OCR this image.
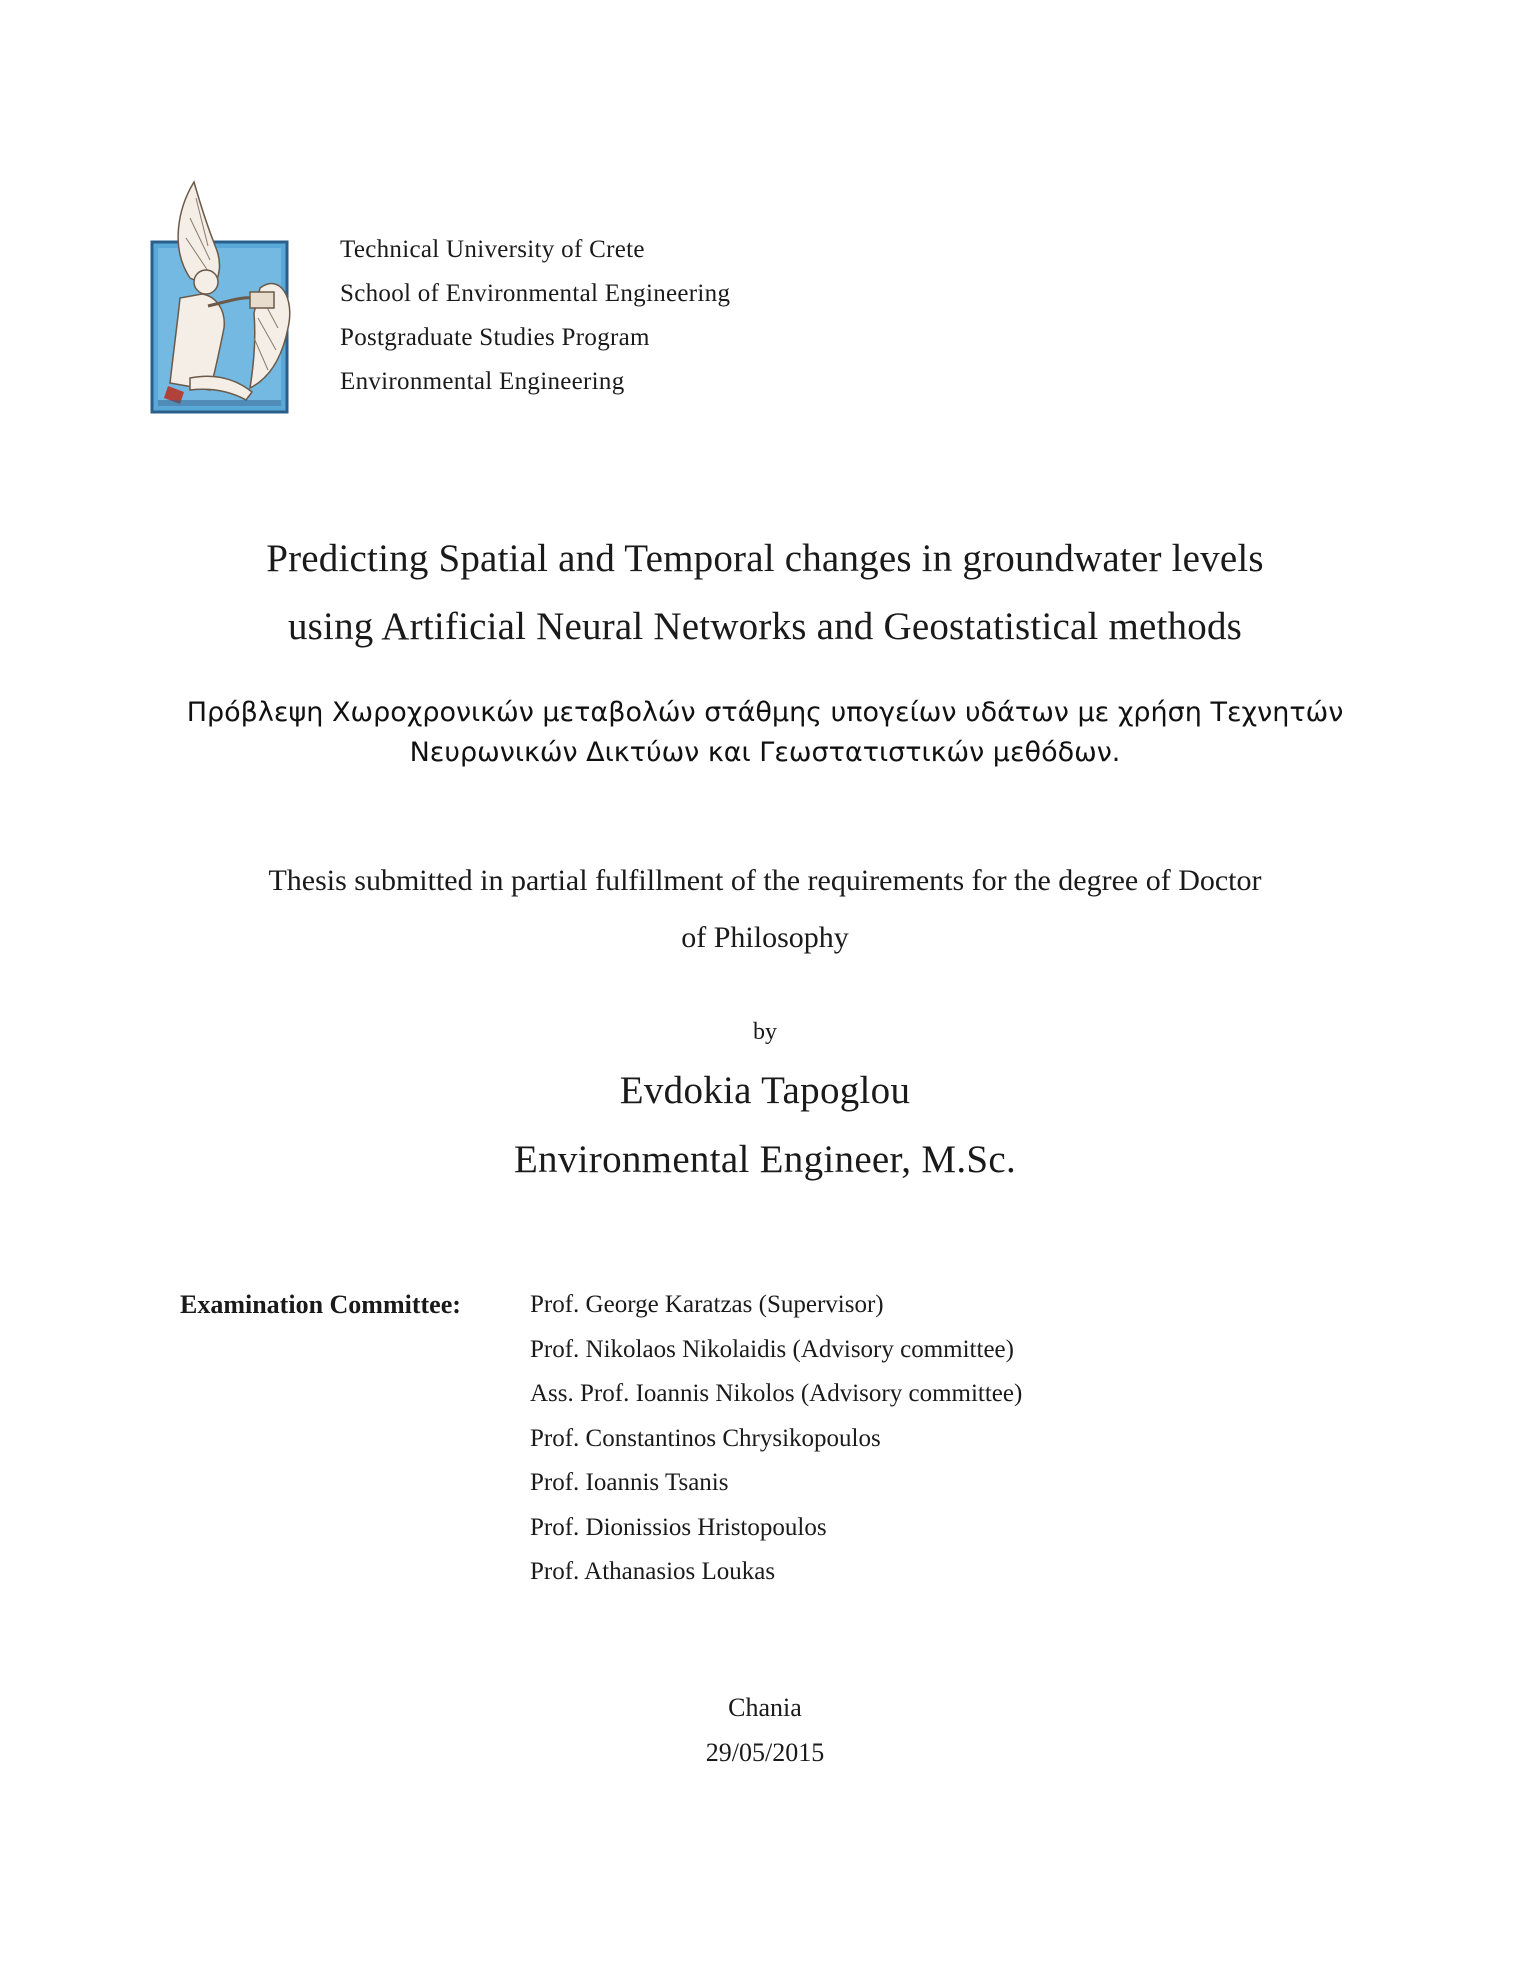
Technical University of Crete
School of Environmental Engineering
Postgraduate Studies Program
Environmental Engineering
Predicting Spatial and Temporal changes in groundwater levels
using Artificial Neural Networks and Geostatistical methods
Πρόβλεψη Χωροχρονικών μεταβολών στάθμης υπογείων υδάτων με χρήση Τεχνητών
Νευρωνικών Δικτύων και Γεωστατιστικών μεθόδων.
Thesis submitted in partial fulfillment of the requirements for the degree of Doctor
of Philosophy
by
Evdokia Tapoglou
Environmental Engineer, M.Sc.
Examination Committee:	Prof. George Karatzas (Supervisor)
Prof. Nikolaos Nikolaidis (Advisory committee)
Ass. Prof. Ioannis Nikolos (Advisory committee)
Prof. Constantinos Chrysikopoulos
Prof. Ioannis Tsanis
Prof. Dionissios Hristopoulos
Prof. Athanasios Loukas
Chania
29/05/2015
